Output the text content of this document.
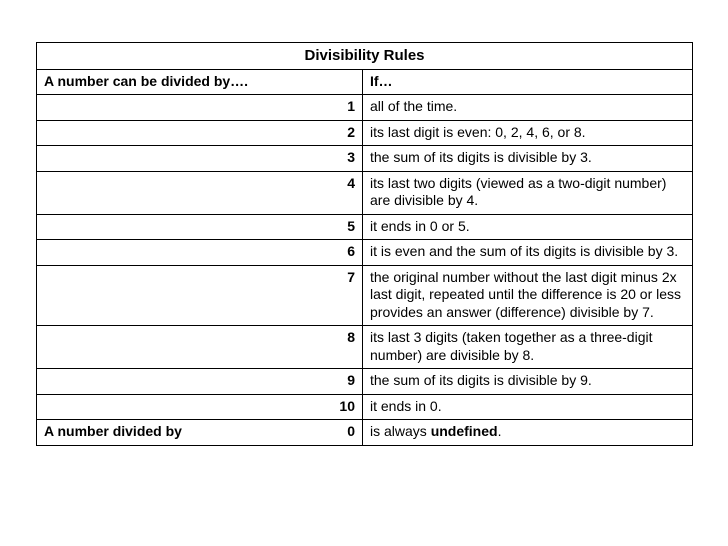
Divisibility Rules	
A number can be divided by….	If…
1	all of the time.
2	its last digit is even: 0, 2, 4, 6, or 8.
3	the sum of its digits is divisible by 3.
4	its last two digits (viewed as a two-digit number) are divisible by 4.
5	it ends in 0 or 5.
6	it is even and the sum of its digits is divisible by 3.
7	the original number without the last digit minus 2x last digit, repeated until the difference is 20 or less provides an answer (difference) divisible by 7.
8	its last 3 digits (taken together as a three-digit number) are divisible by 8.
9	the sum of its digits is divisible by 9.
10	it ends in 0.

A number divided by 0	is always undefined.
